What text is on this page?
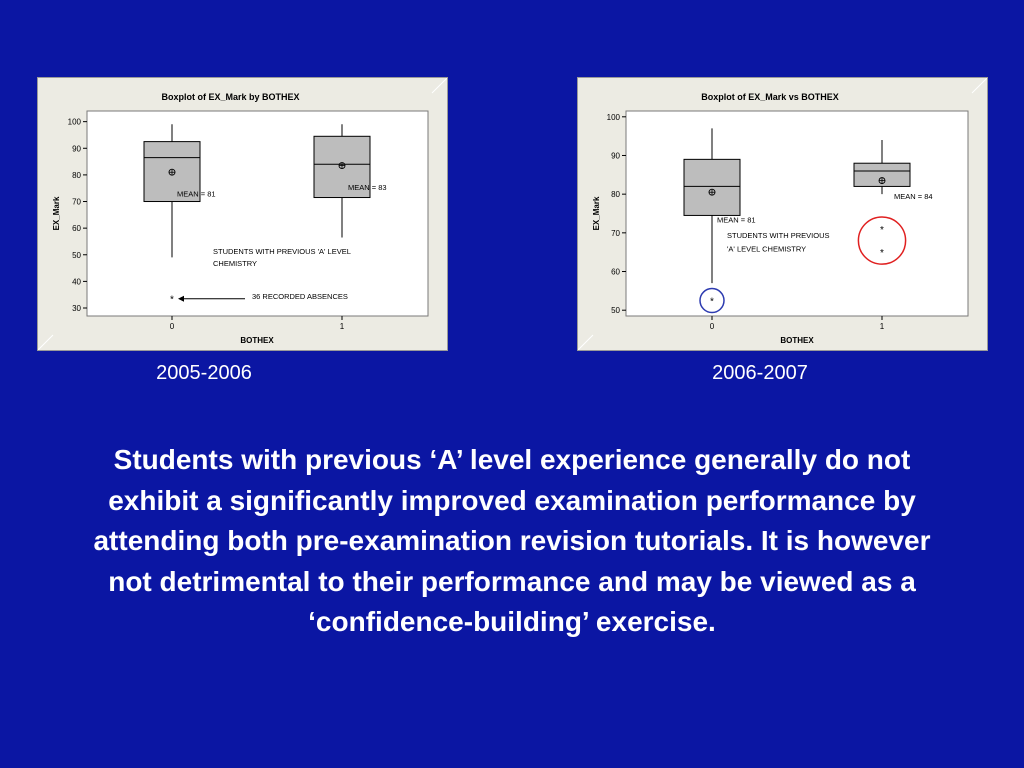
Boxplot of EX_Mark by BOTHEX
30
40
50
60
70
80
90
100
EX_Mark
0	1
BOTHEX
*
MEAN = 81
MEAN = 83
STUDENTS WITH PREVIOUS 'A' LEVEL
CHEMISTRY
36 RECORDED ABSENCES
Boxplot of EX_Mark vs BOTHEX
50
60
70
80
90
100
EX_Mark
0	1
BOTHEX
*
*
*
MEAN = 84
MEAN = 81
STUDENTS WITH PREVIOUS
'A' LEVEL CHEMISTRY
2005-2006	2006-2007
Students with previous ‘A’ level experience generally do not exhibit a significantly improved examination performance by attending both pre-examination revision tutorials. It is however not detrimental to their performance and may be viewed as a ‘confidence-building’ exercise.
